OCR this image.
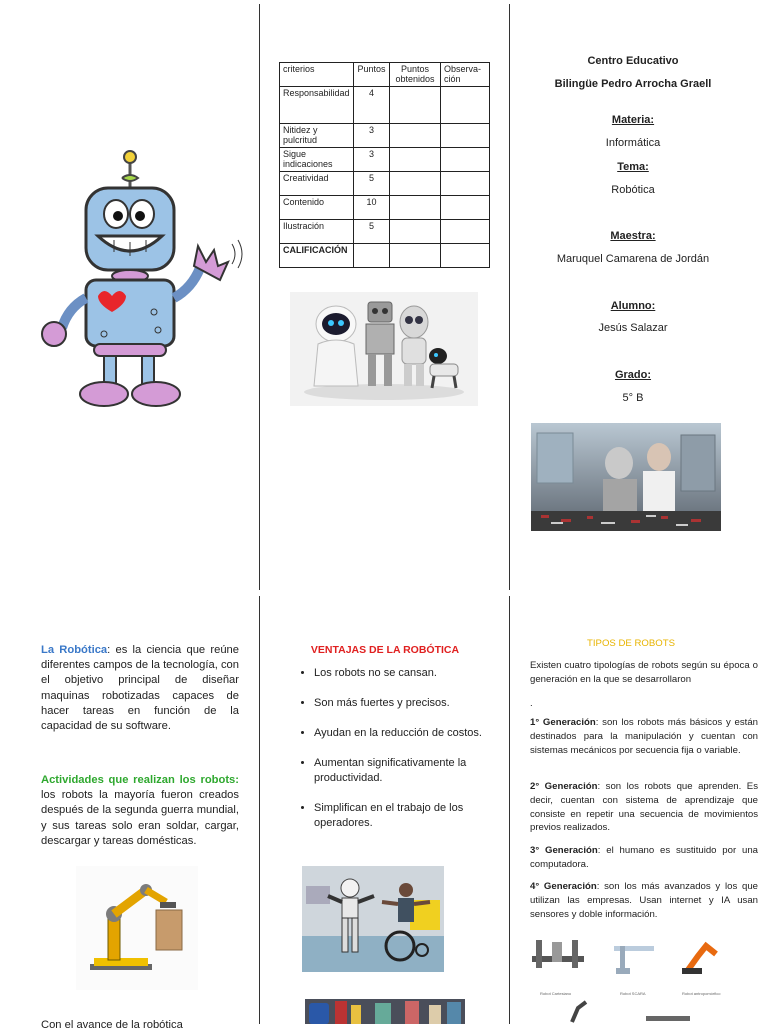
criterios	Puntos	Puntos obtenidos	Observa-ción
Responsabilidad	4		
Nitidez y pulcritud	3		
Sigue indicaciones	3		
Creatividad	5		
Contenido	10		
Ilustración	5		
CALIFICACIÓN			
Centro Educativo
Bilingüe Pedro Arrocha Graell
Materia:
Informática
Tema:
Robótica
Maestra:
Maruquel Camarena de Jordán
Alumno:
Jesús Salazar
Grado:
5° B
La Robótica: es la ciencia que reúne diferentes campos de la tecnología, con el objetivo principal de diseñar maquinas robotizadas capaces de hacer tareas en función de la capacidad de su software.
Actividades que realizan los robots: los robots la mayoría fueron creados después de la segunda guerra mundial, y sus tareas solo eran soldar, cargar, descargar y tareas domésticas.
Con el avance de la robótica
VENTAJAS DE LA ROBÓTICA
• Los robots no se cansan.
• Son más fuertes y precisos.
• Ayudan en la reducción de costos.
• Aumentan significativamente la productividad.
• Simplifican en el trabajo de los operadores.
TIPOS DE ROBOTS
Existen cuatro tipologías de robots según su época o generación en la que se desarrollaron
.
1° Generación: son los robots más básicos y están destinados para la manipulación y cuentan con sistemas mecánicos por secuencia fija o variable.
2° Generación: son los robots que aprenden. Es decir, cuentan con sistema de aprendizaje que consiste en repetir una secuencia de movimientos previos realizados.
3° Generación: el humano es sustituido por una computadora.
4° Generación: son los más avanzados y los que utilizan las empresas. Usan internet y IA usan sensores y doble información.
Robot Cartesiano	Robot SCARA	Robot antropomórfico
